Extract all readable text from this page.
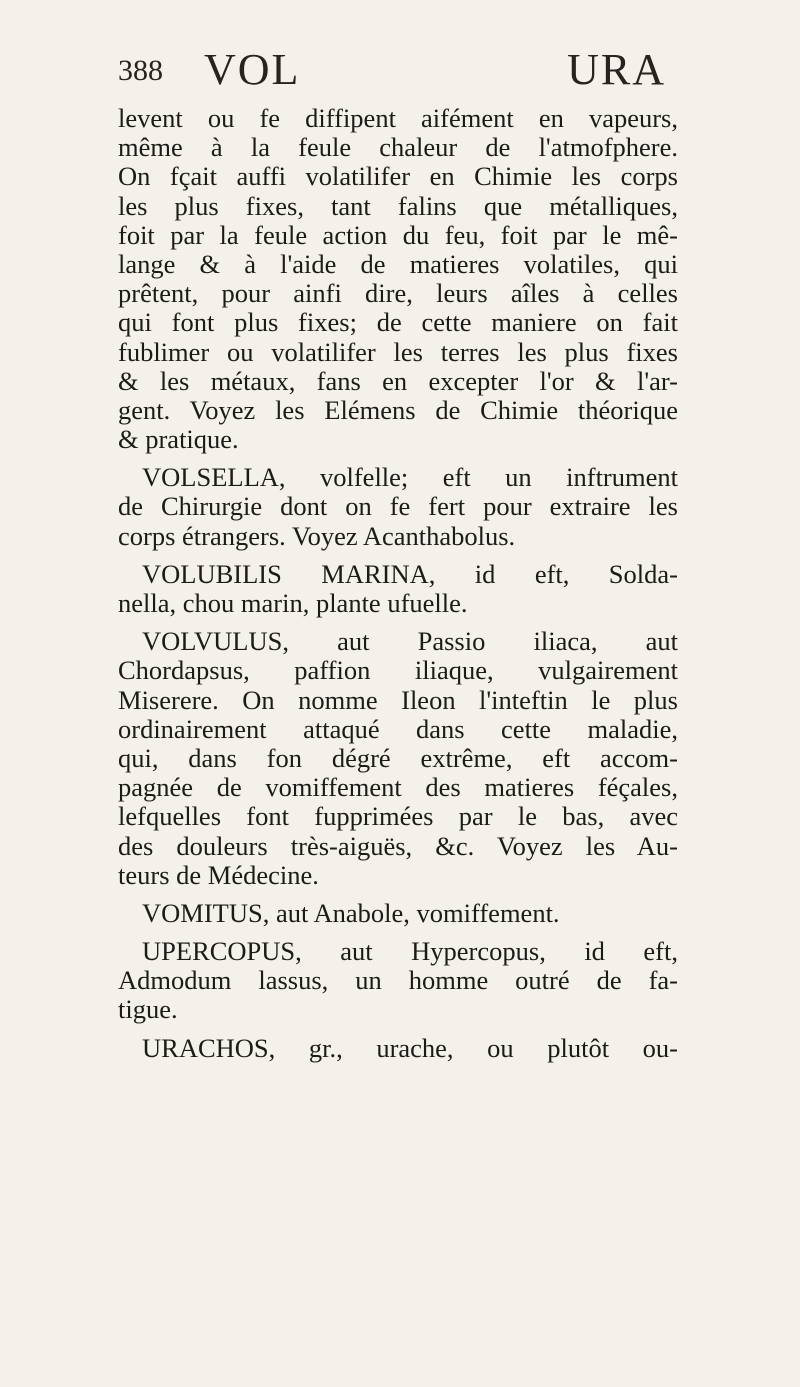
388 VOL	URA
levent ou fe diffipent aifément en vapeurs,
même à la feule chaleur de l'atmofphere.
On fçait auffi volatilifer en Chimie les corps
les plus fixes, tant falins que métalliques,
foit par la feule action du feu, foit par le mê-
lange & à l'aide de matieres volatiles, qui
prêtent, pour ainfi dire, leurs aîles à celles
qui font plus fixes; de cette maniere on fait
fublimer ou volatilifer les terres les plus fixes
& les métaux, fans en excepter l'or & l'ar-
gent. Voyez les Elémens de Chimie théorique
& pratique.
VOLSELLA, volfelle; eft un inftrument
de Chirurgie dont on fe fert pour extraire les
corps étrangers. Voyez Acanthabolus.
VOLUBILIS MARINA, id eft, Solda-
nella, chou marin, plante ufuelle.
VOLVULUS, aut Passio iliaca, aut
Chordapsus, paffion iliaque, vulgairement
Miserere. On nomme Ileon l'inteftin le plus
ordinairement attaqué dans cette maladie,
qui, dans fon dégré extrême, eft accom-
pagnée de vomiffement des matieres féçales,
lefquelles font fupprimées par le bas, avec
des douleurs très-aiguës, &c. Voyez les Au-
teurs de Médecine.
VOMITUS, aut Anabole, vomiffement.
UPERCOPUS, aut Hypercopus, id eft,
Admodum lassus, un homme outré de fa-
tigue.
URACHOS, gr., urache, ou plutôt ou-
